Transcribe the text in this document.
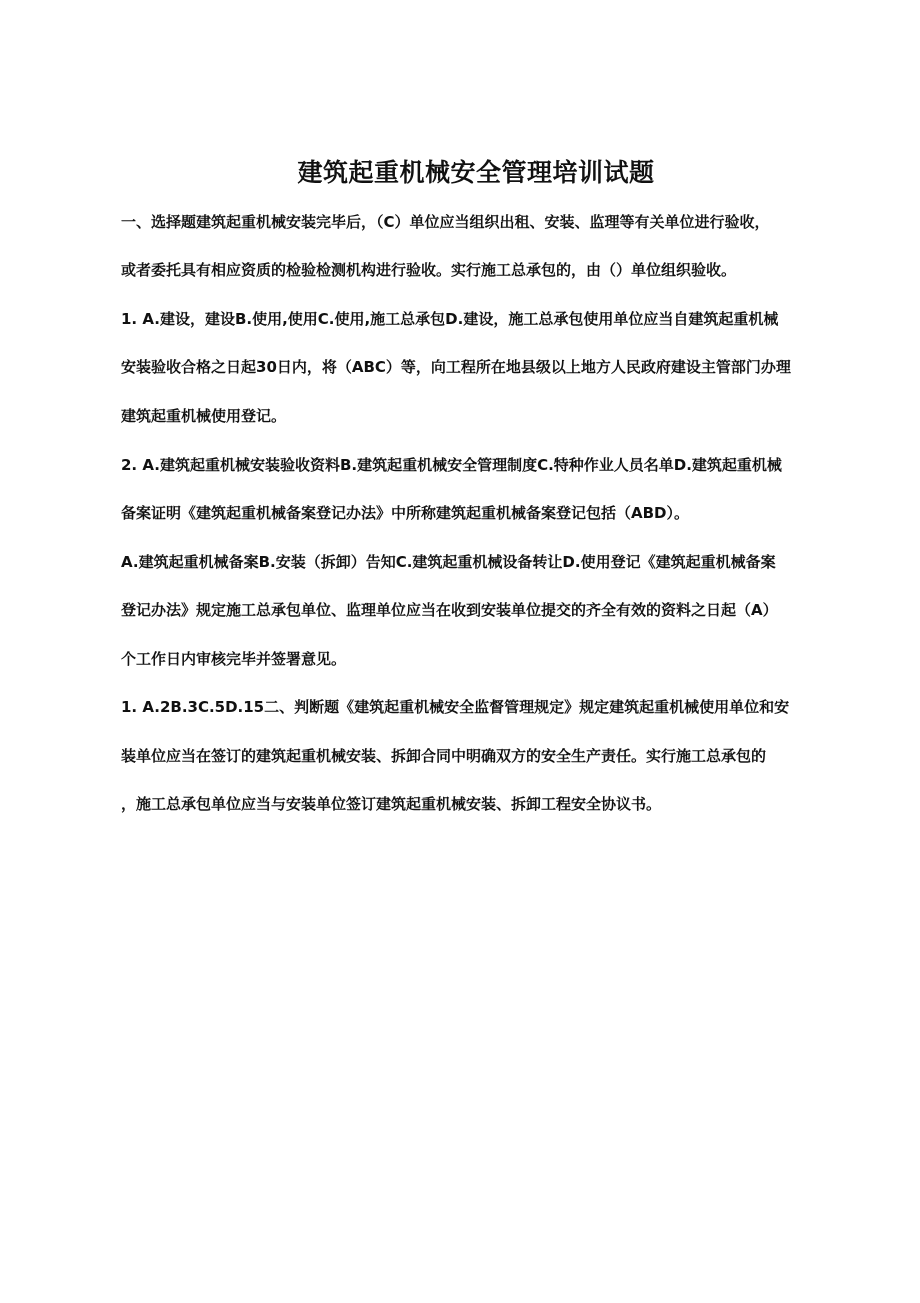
建筑起重机械安全管理培训试题
一、选择题建筑起重机械安装完毕后，（C）单位应当组织出租、安装、监理等有关单位进行验收，
或者委托具有相应资质的检验检测机构进行验收。实行施工总承包的，由（）单位组织验收。
1. A.建设，建设B.使用,使用C.使用,施工总承包D.建设，施工总承包使用单位应当自建筑起重机械
安装验收合格之日起30日内，将（ABC）等，向工程所在地县级以上地方人民政府建设主管部门办理
建筑起重机械使用登记。
2. A.建筑起重机械安装验收资料B.建筑起重机械安全管理制度C.特种作业人员名单D.建筑起重机械
备案证明《建筑起重机械备案登记办法》中所称建筑起重机械备案登记包括（ABD）。
A.建筑起重机械备案B.安装（拆卸）告知C.建筑起重机械设备转让D.使用登记《建筑起重机械备案
登记办法》规定施工总承包单位、监理单位应当在收到安装单位提交的齐全有效的资料之日起（A）
个工作日内审核完毕并签署意见。
1. A.2B.3C.5D.15二、判断题《建筑起重机械安全监督管理规定》规定建筑起重机械使用单位和安
装单位应当在签订的建筑起重机械安装、拆卸合同中明确双方的安全生产责任。实行施工总承包的
，施工总承包单位应当与安装单位签订建筑起重机械安装、拆卸工程安全协议书。
